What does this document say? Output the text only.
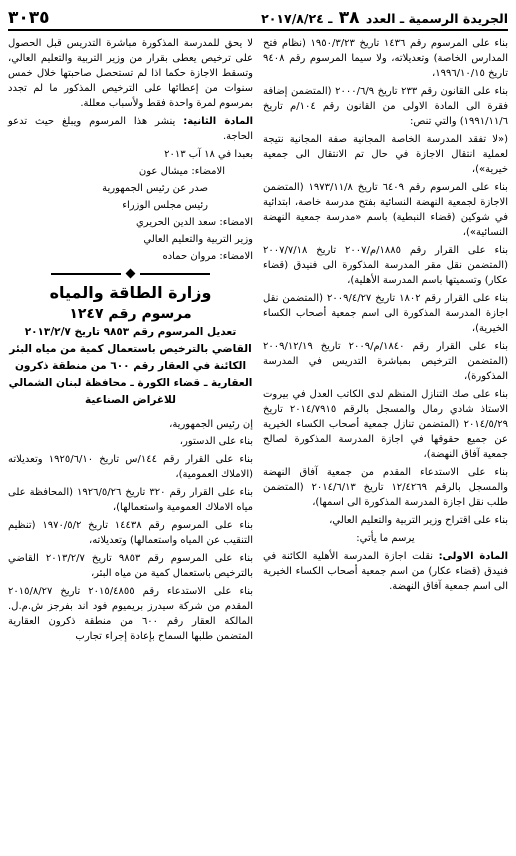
الجريدة الرسمية ـ العدد ٣٨ ـ ٢٠١٧/٨/٢٤
٣٠٣٥

بناء على المرسوم رقم ١٤٣٦ تاريخ ١٩٥٠/٣/٢٣ (نظام فتح المدارس الخاصة) وتعديلاته، ولا سيما المرسوم رقم ٩٤٠٨ تاريخ ١٩٩٦/١٠/١٥،

بناء على القانون رقم ٢٣٣ تاريخ ٢٠٠٠/٦/٩ (المتضمن إضافة فقرة الى المادة الاولى من القانون رقم ١٠٤/م تاريخ ١٩٩١/١١/٦) والتي تنص:

(«لا تفقد المدرسة الخاصة المجانية صفة المجانية نتيجة لعملية انتقال الاجازة في حال تم الانتقال الى جمعية خيرية»)،

بناء على المرسوم رقم ٦٤٠٩ تاريخ ١٩٧٣/١١/٨ (المتضمن الاجازة لجمعية النهضة النسائية بفتح مدرسة خاصة، ابتدائية في شوكين (قضاء النبطية) باسم «مدرسة جمعية النهضة النسائية»)،

بناء على القرار رقم ١٨٨٥/م/٢٠٠٧ تاريخ ٢٠٠٧/٧/١٨ (المتضمن نقل مقر المدرسة المذكورة الى فنيدق (قضاء عكار) وتسميتها باسم المدرسة الأهلية)،

بناء على القرار رقم ١٨٠٢ تاريخ ٢٠٠٩/٤/٢٧ (المتضمن نقل اجازة المدرسة المذكورة الى اسم جمعية أصحاب الكساء الخيرية)،

بناء على القرار رقم ١٨٤٠/م/٢٠٠٩ تاريخ ٢٠٠٩/١٢/١٩ (المتضمن الترخيص بمباشرة التدريس في المدرسة المذكورة)،

بناء على صك التنازل المنظم لدى الكاتب العدل في بيروت الاستاذ شادي رمال والمسجل بالرقم ٢٠١٤/٧٩١٥ تاريخ ٢٠١٤/٥/٢٩ (المتضمن تنازل جمعية أصحاب الكساء الخيرية عن جميع حقوقها في اجازة المدرسة المذكورة لصالح جمعية آفاق النهضة)،

بناء على الاستدعاء المقدم من جمعية آفاق النهضة والمسجل بالرقم ١٢/٤٢٦٩ تاريخ ٢٠١٤/٦/١٣ (المتضمن طلب نقل اجازة المدرسة المذكورة الى اسمها)،

بناء على اقتراح وزير التربية والتعليم العالي،

يرسم ما يأتي:

المادة الاولى: نقلت اجازة المدرسة الأهلية الكائنة في فنيدق (قضاء عكار) من اسم جمعية أصحاب الكساء الخيرية الى اسم جمعية آفاق النهضة.

لا يحق للمدرسة المذكورة مباشرة التدريس قبل الحصول على ترخيص يعطى بقرار من وزير التربية والتعليم العالي، وتسقط الاجازة حكما اذا لم تستحصل صاحبتها خلال خمس سنوات من إعطائها على الترخيص المذكور ما لم تجدد بمرسوم لمرة واحدة فقط ولأسباب معللة.

المادة الثانية: ينشر هذا المرسوم ويبلغ حيث تدعو الحاجة.

بعبدا في ١٨ آب ٢٠١٣
الامضاء: ميشال عون
صدر عن رئيس الجمهورية
رئيس مجلس الوزراء
الامضاء: سعد الدين الحريري
وزير التربية والتعليم العالي
الامضاء: مروان حماده
وزارة الطاقة والمياه
مرسوم رقم ١٢٤٧
تعديل المرسوم رقم ٩٨٥٣ تاريخ ٢٠١٣/٢/٧ القاضي بالترخيص باستعمال كمية من مياه البئر الكائنة في العقار رقم ٦٠٠ من منطقة ذكرون العقارية ـ قضاء الكورة ـ محافظة لبنان الشمالي للاغراض الصناعية

إن رئيس الجمهورية،

بناء على الدستور،

بناء على القرار رقم ١٤٤/س تاريخ ١٩٢٥/٦/١٠ وتعديلاته (الاملاك العمومية)،

بناء على القرار رقم ٣٢٠ تاريخ ١٩٢٦/٥/٢٦ (المحافظة على مياه الاملاك العمومية واستعمالها)،

بناء على المرسوم رقم ١٤٤٣٨ تاريخ ١٩٧٠/٥/٢ (تنظيم التنقيب عن المياه واستعمالها) وتعديلاته،

بناء على المرسوم رقم ٩٨٥٣ تاريخ ٢٠١٣/٢/٧ القاضي بالترخيص باستعمال كمية من مياه البئر،

بناء على الاستدعاء رقم ٢٠١٥/٤٨٥٥ تاريخ ٢٠١٥/٨/٢٧ المقدم من شركة سيدرز بريميوم فود اند بفرجز ش.م.ل. المالكة العقار رقم ٦٠٠ من منطقة ذكرون العقارية المتضمن طلبها السماح بإعادة إجراء تجارب
